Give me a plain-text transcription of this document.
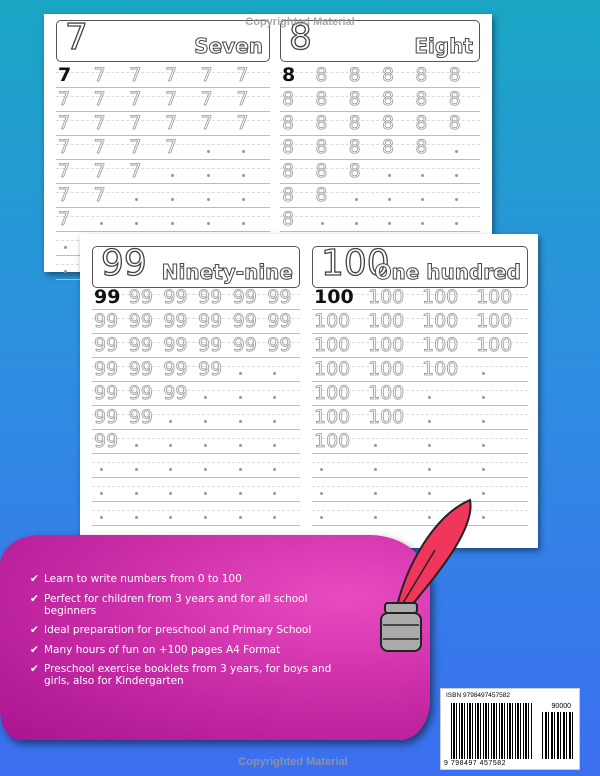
Copyrighted Material
7	Seven
7 7 7 7 7 7
7 7 7 7 7 7
7 7 7 7 7 7
7 7 7 7
7 7 7
7 7
7
8	Eight
8 8 8 8 8 8
8 8 8 8 8 8
8 8 8 8 8 8
8 8 8 8 8
8 8 8
8 8
8
99 Ninety-nine
99 99 99 99 99 99
99 99 99 99 99 99
99 99 99 99 99 99
99 99 99 99
99 99 99
99 99
99
100
One hundred
100 100 100 100
100 100 100 100
100 100 100 100
100 100 100
100 100
100 100
100
✔ Learn to write numbers from 0 to 100
✔ Perfect for children from 3 years and for all school beginners
✔ Ideal preparation for preschool and Primary School
✔ Many hours of fun on +100 pages A4 Format
✔ Preschool exercise booklets from 3 years, for boys and girls, also for Kindergarten
ISBN 9798497457582
90000
9 798497 457582
Copyrighted Material
